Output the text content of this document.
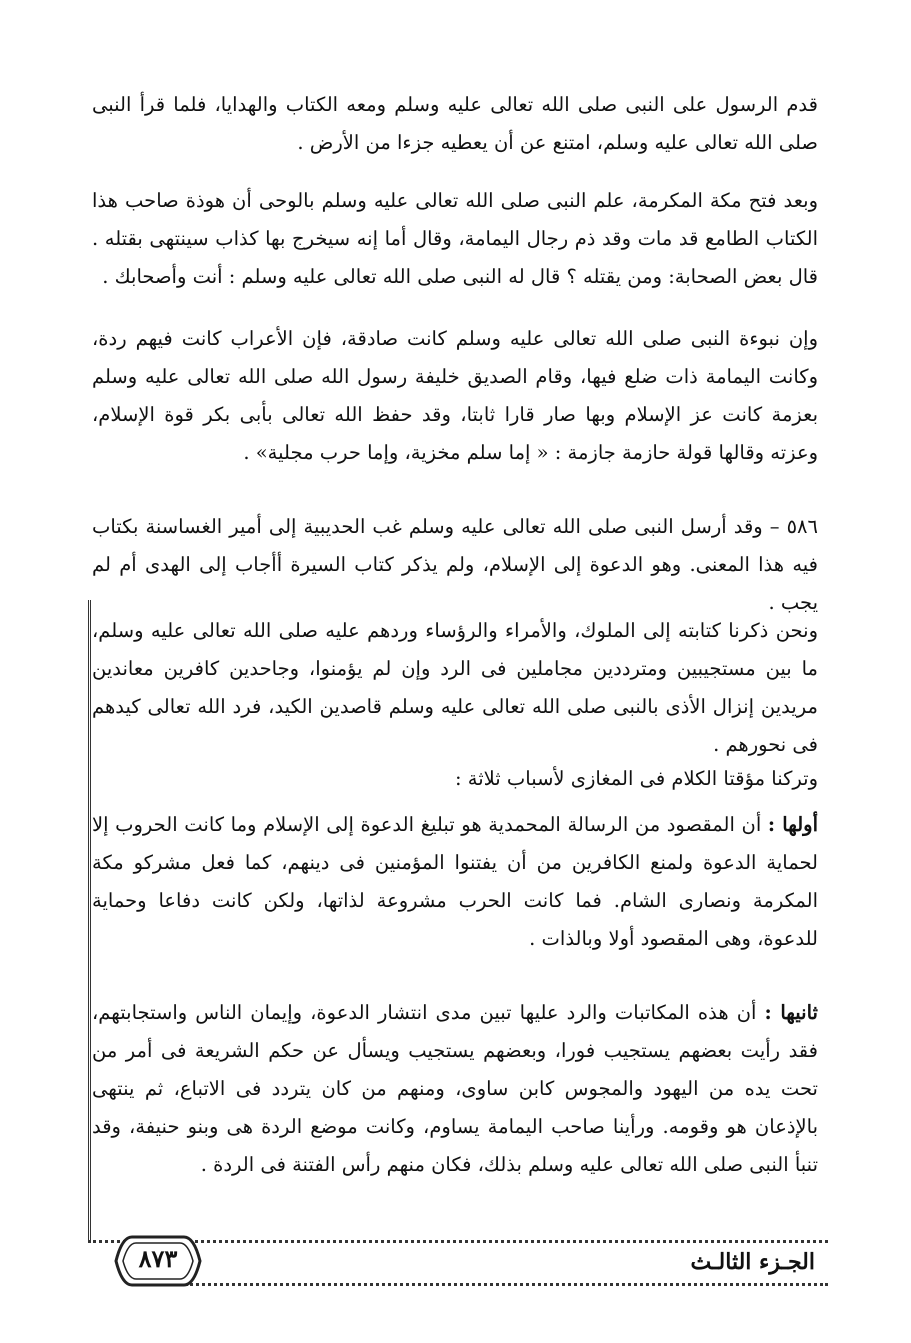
قدم الرسول على النبى صلى الله تعالى عليه وسلم ومعه الكتاب والهدايا، فلما قرأ النبى صلى الله تعالى عليه وسلم، امتنع عن أن يعطيه جزءا من الأرض .

وبعد فتح مكة المكرمة، علم النبى صلى الله تعالى عليه وسلم بالوحى أن هوذة صاحب هذا الكتاب الطامع قد مات وقد ذم رجال اليمامة، وقال أما إنه سيخرج بها كذاب سينتهى بقتله . قال بعض الصحابة: ومن يقتله ؟ قال له النبى صلى الله تعالى عليه وسلم : أنت وأصحابك .

وإن نبوءة النبى صلى الله تعالى عليه وسلم كانت صادقة، فإن الأعراب كانت فيهم ردة، وكانت اليمامة ذات ضلع فيها، وقام الصديق خليفة رسول الله صلى الله تعالى عليه وسلم بعزمة كانت عز الإسلام وبها صار قارا ثابتا، وقد حفظ الله تعالى بأبى بكر قوة الإسلام، وعزته وقالها قولة حازمة جازمة : « إما سلم مخزية، وإما حرب مجلية» .

٥٨٦ – وقد أرسل النبى صلى الله تعالى عليه وسلم غب الحديبية إلى أمير الغساسنة بكتاب فيه هذا المعنى. وهو الدعوة إلى الإسلام، ولم يذكر كتاب السيرة أأجاب إلى الهدى أم لم يجب .

ونحن ذكرنا كتابته إلى الملوك، والأمراء والرؤساء وردهم عليه صلى الله تعالى عليه وسلم، ما بين مستجيبين ومترددين مجاملين فى الرد وإن لم يؤمنوا، وجاحدين كافرين معاندين مريدين إنزال الأذى بالنبى صلى الله تعالى عليه وسلم قاصدين الكيد، فرد الله تعالى كيدهم فى نحورهم .

وتركنا مؤقتا الكلام فى المغازى لأسباب ثلاثة :

أولها : أن المقصود من الرسالة المحمدية هو تبليغ الدعوة إلى الإسلام وما كانت الحروب إلا لحماية الدعوة ولمنع الكافرين من أن يفتنوا المؤمنين فى دينهم، كما فعل مشركو مكة المكرمة ونصارى الشام. فما كانت الحرب مشروعة لذاتها، ولكن كانت دفاعا وحماية للدعوة، وهى المقصود أولا وبالذات .

ثانيها : أن هذه المكاتبات والرد عليها تبين مدى انتشار الدعوة، وإيمان الناس واستجابتهم، فقد رأيت بعضهم يستجيب فورا، وبعضهم يستجيب ويسأل عن حكم الشريعة فى أمر من تحت يده من اليهود والمجوس كابن ساوى، ومنهم من كان يتردد فى الاتباع، ثم ينتهى بالإذعان هو وقومه. ورأينا صاحب اليمامة يساوم، وكانت موضع الردة هى وبنو حنيفة، وقد تنبأ النبى صلى الله تعالى عليه وسلم بذلك، فكان منهم رأس الفتنة فى الردة .

٨٧٣	الجـزء الثالـث
